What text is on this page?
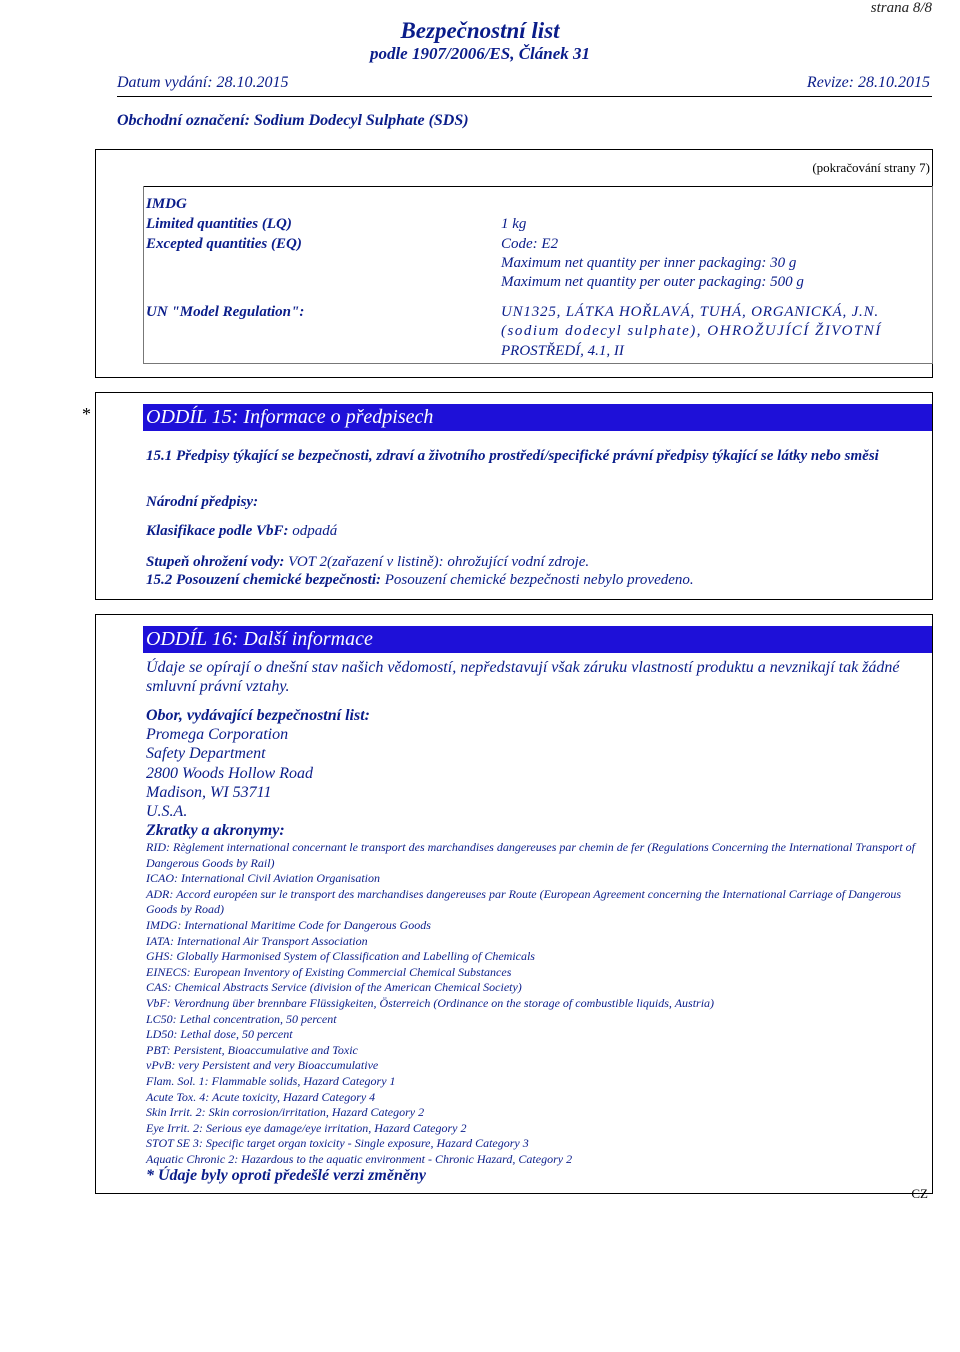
strana 8/8
Bezpečnostní list
podle 1907/2006/ES, Článek 31
Datum vydání: 28.10.2015	Revize: 28.10.2015
Obchodní označení: Sodium Dodecyl Sulphate (SDS)
(pokračování strany 7)
IMDG
Limited quantities (LQ)	1 kg
Excepted quantities (EQ)	Code: E2
Maximum net quantity per inner packaging: 30 g
Maximum net quantity per outer packaging: 500 g
UN "Model Regulation":	UN1325, LÁTKA HOŘLAVÁ, TUHÁ, ORGANICKÁ, J.N.
(sodium dodecyl sulphate), OHROŽUJÍCÍ ŽIVOTNÍ
PROSTŘEDÍ, 4.1, II
*	ODDÍL 15: Informace o předpisech
15.1 Předpisy týkající se bezpečnosti, zdraví a životního prostředí/specifické právní předpisy týkající se látky nebo směsi
Národní předpisy:
Klasifikace podle VbF: odpadá
Stupeň ohrožení vody: VOT 2(zařazení v listině): ohrožující vodní zdroje.
15.2 Posouzení chemické bezpečnosti: Posouzení chemické bezpečnosti nebylo provedeno.
ODDÍL 16: Další informace
Údaje se opírají o dnešní stav našich vědomostí, nepředstavují však záruku vlastností produktu a nevznikají tak žádné smluvní právní vztahy.
Obor, vydávající bezpečnostní list:
Promega Corporation
Safety Department
2800 Woods Hollow Road
Madison, WI 53711
U.S.A.
Zkratky a akronymy:
RID: Règlement international concernant le transport des marchandises dangereuses par chemin de fer (Regulations Concerning the International Transport of Dangerous Goods by Rail)
ICAO: International Civil Aviation Organisation
ADR: Accord européen sur le transport des marchandises dangereuses par Route (European Agreement concerning the International Carriage of Dangerous Goods by Road)
IMDG: International Maritime Code for Dangerous Goods
IATA: International Air Transport Association
GHS: Globally Harmonised System of Classification and Labelling of Chemicals
EINECS: European Inventory of Existing Commercial Chemical Substances
CAS: Chemical Abstracts Service (division of the American Chemical Society)
VbF: Verordnung über brennbare Flüssigkeiten, Österreich (Ordinance on the storage of combustible liquids, Austria)
LC50: Lethal concentration, 50 percent
LD50: Lethal dose, 50 percent
PBT: Persistent, Bioaccumulative and Toxic
vPvB: very Persistent and very Bioaccumulative
Flam. Sol. 1: Flammable solids, Hazard Category 1
Acute Tox. 4: Acute toxicity, Hazard Category 4
Skin Irrit. 2: Skin corrosion/irritation, Hazard Category 2
Eye Irrit. 2: Serious eye damage/eye irritation, Hazard Category 2
STOT SE 3: Specific target organ toxicity - Single exposure, Hazard Category 3
Aquatic Chronic 2: Hazardous to the aquatic environment - Chronic Hazard, Category 2
* Údaje byly oproti předešlé verzi změněny
CZ
